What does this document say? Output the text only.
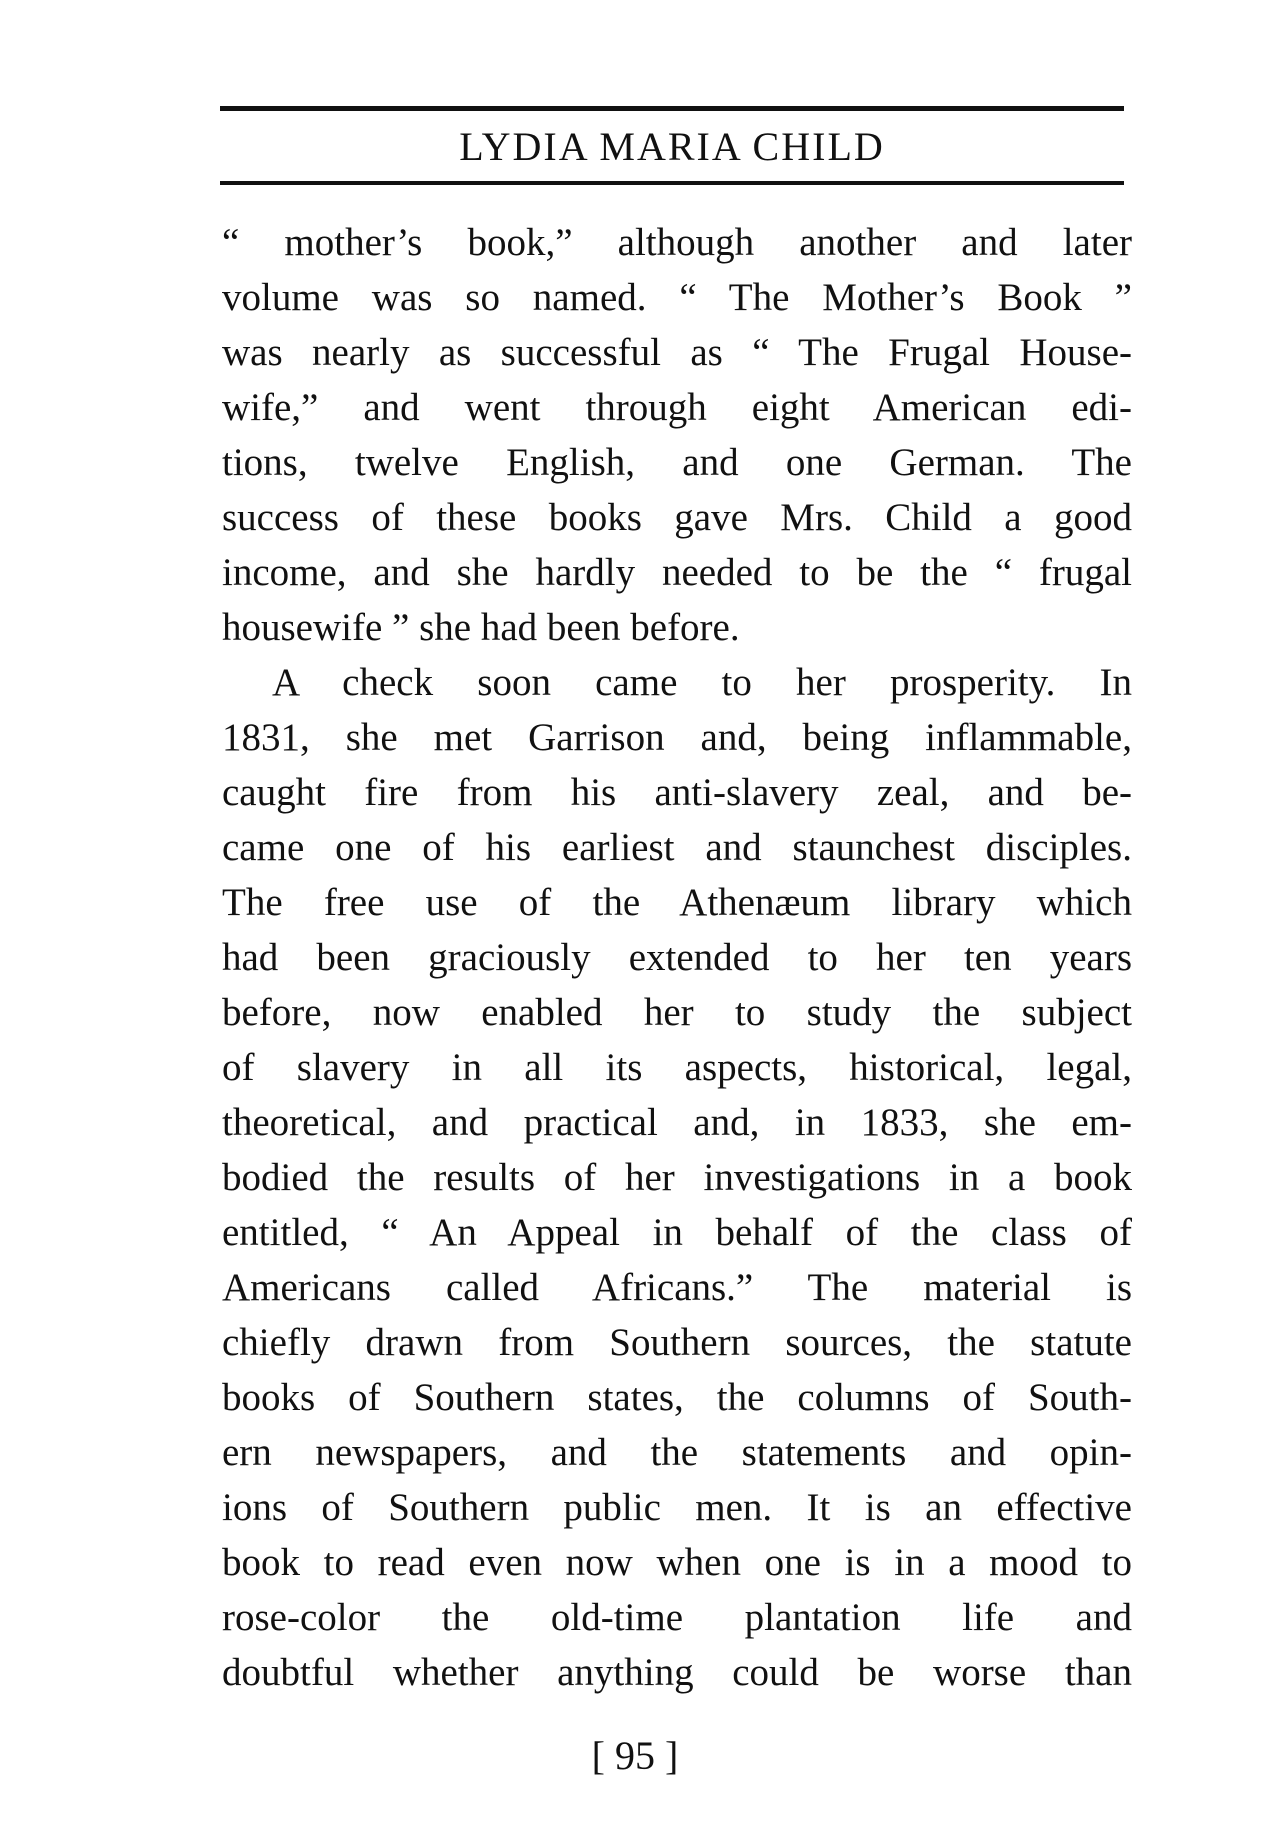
LYDIA MARIA CHILD
“ mother’s book,” although another and later
volume was so named. “ The Mother’s Book ”
was nearly as successful as “ The Frugal House-
wife,” and went through eight American edi-
tions, twelve English, and one German. The
success of these books gave Mrs. Child a good
income, and she hardly needed to be the “ frugal
housewife ” she had been before.
A check soon came to her prosperity. In
1831, she met Garrison and, being inflammable,
caught fire from his anti-slavery zeal, and be-
came one of his earliest and staunchest disciples.
The free use of the Athenæum library which
had been graciously extended to her ten years
before, now enabled her to study the subject
of slavery in all its aspects, historical, legal,
theoretical, and practical and, in 1833, she em-
bodied the results of her investigations in a book
entitled, “ An Appeal in behalf of the class of
Americans called Africans.” The material is
chiefly drawn from Southern sources, the statute
books of Southern states, the columns of South-
ern newspapers, and the statements and opin-
ions of Southern public men. It is an effective
book to read even now when one is in a mood to
rose-color the old-time plantation life and
doubtful whether anything could be worse than
[ 95 ]
